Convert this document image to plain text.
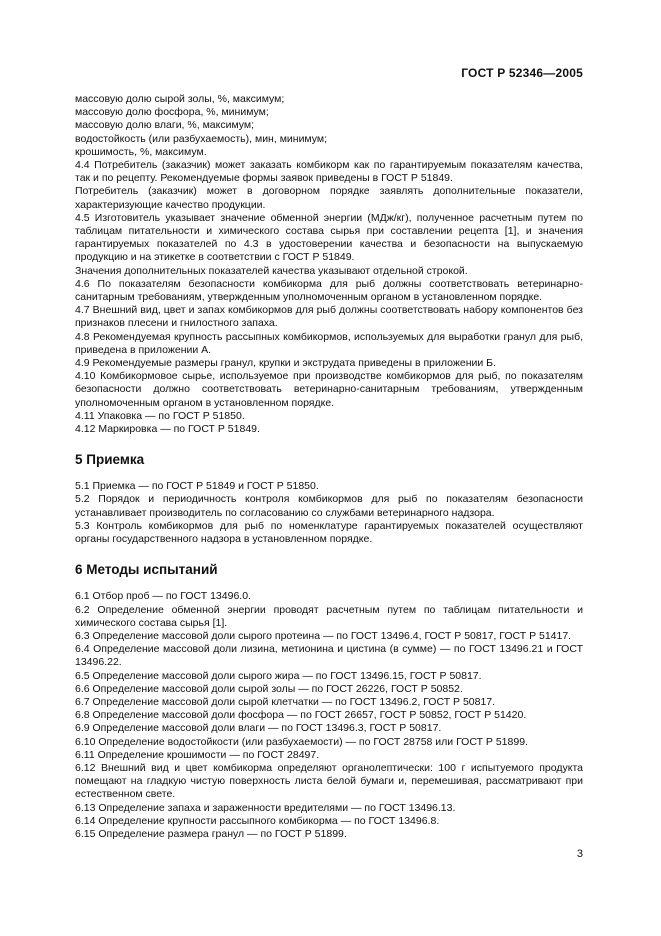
ГОСТ Р 52346—2005

массовую долю сырой золы, %, максимум;

массовую долю фосфора, %, минимум;

массовую долю влаги, %, максимум;

водостойкость (или разбухаемость), мин, минимум;

крошимость, %, максимум.

4.4 Потребитель (заказчик) может заказать комбикорм как по гарантируемым показателям качества, так и по рецепту. Рекомендуемые формы заявок приведены в ГОСТ Р 51849.

Потребитель (заказчик) может в договорном порядке заявлять дополнительные показатели, характеризующие качество продукции.

4.5 Изготовитель указывает значение обменной энергии (МДж/кг), полученное расчетным путем по таблицам питательности и химического состава сырья при составлении рецепта [1], и значения гарантируемых показателей по 4.3 в удостоверении качества и безопасности на выпускаемую продукцию и на этикетке в соответствии с ГОСТ Р 51849.

Значения дополнительных показателей качества указывают отдельной строкой.

4.6 По показателям безопасности комбикорма для рыб должны соответствовать ветеринарно-санитарным требованиям, утвержденным уполномоченным органом в установленном порядке.

4.7 Внешний вид, цвет и запах комбикормов для рыб должны соответствовать набору компонентов без признаков плесени и гнилостного запаха.

4.8 Рекомендуемая крупность рассыпных комбикормов, используемых для выработки гранул для рыб, приведена в приложении А.

4.9 Рекомендуемые размеры гранул, крупки и экструдата приведены в приложении Б.

4.10 Комбикормовое сырье, используемое при производстве комбикормов для рыб, по показателям безопасности должно соответствовать ветеринарно-санитарным требованиям, утвержденным уполномоченным органом в установленном порядке.

4.11 Упаковка — по ГОСТ Р 51850.

4.12 Маркировка — по ГОСТ Р 51849.

5 Приемка

5.1 Приемка — по ГОСТ Р 51849 и ГОСТ Р 51850.

5.2 Порядок и периодичность контроля комбикормов для рыб по показателям безопасности устанавливает производитель по согласованию со службами ветеринарного надзора.

5.3 Контроль комбикормов для рыб по номенклатуре гарантируемых показателей осуществляют органы государственного надзора в установленном порядке.

6 Методы испытаний

6.1 Отбор проб — по ГОСТ 13496.0.

6.2 Определение обменной энергии проводят расчетным путем по таблицам питательности и химического состава сырья [1].

6.3 Определение массовой доли сырого протеина — по ГОСТ 13496.4, ГОСТ Р 50817, ГОСТ Р 51417.

6.4 Определение массовой доли лизина, метионина и цистина (в сумме) — по ГОСТ 13496.21 и ГОСТ 13496.22.

6.5 Определение массовой доли сырого жира — по ГОСТ 13496.15, ГОСТ Р 50817.

6.6 Определение массовой доли сырой золы — по ГОСТ 26226, ГОСТ Р 50852.

6.7 Определение массовой доли сырой клетчатки — по ГОСТ 13496.2, ГОСТ Р 50817.

6.8 Определение массовой доли фосфора — по ГОСТ 26657, ГОСТ Р 50852, ГОСТ Р 51420.

6.9 Определение массовой доли влаги — по ГОСТ 13496.3, ГОСТ Р 50817.

6.10 Определение водостойкости (или разбухаемости) — по ГОСТ 28758 или ГОСТ Р 51899.

6.11 Определение крошимости — по ГОСТ 28497.

6.12 Внешний вид и цвет комбикорма определяют органолептически: 100 г испытуемого продукта помещают на гладкую чистую поверхность листа белой бумаги и, перемешивая, рассматривают при естественном свете.

6.13 Определение запаха и зараженности вредителями — по ГОСТ 13496.13.

6.14 Определение крупности рассыпного комбикорма — по ГОСТ 13496.8.

6.15 Определение размера гранул — по ГОСТ Р 51899.

3
